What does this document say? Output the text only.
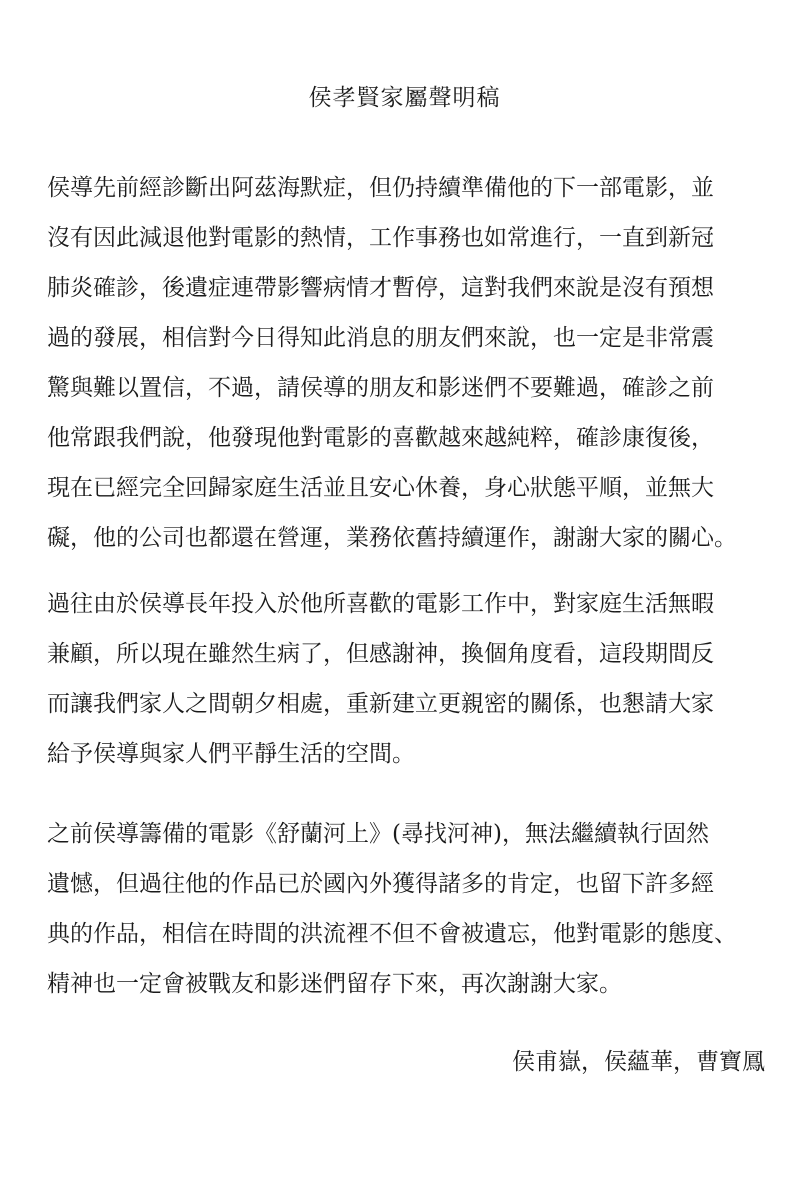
侯孝賢家屬聲明稿

侯導先前經診斷出阿茲海默症，但仍持續準備他的下一部電影，並
沒有因此減退他對電影的熱情，工作事務也如常進行，一直到新冠
肺炎確診，後遺症連帶影響病情才暫停，這對我們來說是沒有預想
過的發展，相信對今日得知此消息的朋友們來說，也一定是非常震
驚與難以置信，不過，請侯導的朋友和影迷們不要難過，確診之前
他常跟我們說，他發現他對電影的喜歡越來越純粹，確診康復後，
現在已經完全回歸家庭生活並且安心休養，身心狀態平順，並無大
礙，他的公司也都還在營運，業務依舊持續運作，謝謝大家的關心。

過往由於侯導長年投入於他所喜歡的電影工作中，對家庭生活無暇
兼顧，所以現在雖然生病了，但感謝神，換個角度看，這段期間反
而讓我們家人之間朝夕相處，重新建立更親密的關係，也懇請大家
給予侯導與家人們平靜生活的空間。

之前侯導籌備的電影《舒蘭河上》(尋找河神)，無法繼續執行固然
遺憾，但過往他的作品已於國內外獲得諸多的肯定，也留下許多經
典的作品，相信在時間的洪流裡不但不會被遺忘，他對電影的態度、
精神也一定會被戰友和影迷們留存下來，再次謝謝大家。

侯甫嶽，侯蘊華，曹寶鳳
